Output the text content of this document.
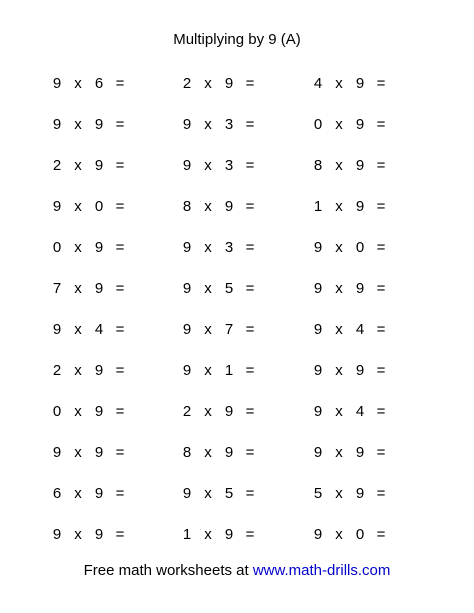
Multiplying by 9 (A)
9 x 6 =	2 x 9 =	4 x 9 =
9 x 9 =	9 x 3 =	0 x 9 =
2 x 9 =	9 x 3 =	8 x 9 =
9 x 0 =	8 x 9 =	1 x 9 =
0 x 9 =	9 x 3 =	9 x 0 =
7 x 9 =	9 x 5 =	9 x 9 =
9 x 4 =	9 x 7 =	9 x 4 =
2 x 9 =	9 x 1 =	9 x 9 =
0 x 9 =	2 x 9 =	9 x 4 =
9 x 9 =	8 x 9 =	9 x 9 =
6 x 9 =	9 x 5 =	5 x 9 =
9 x 9 =	1 x 9 =	9 x 0 =
Free math worksheets at www.math-drills.com
